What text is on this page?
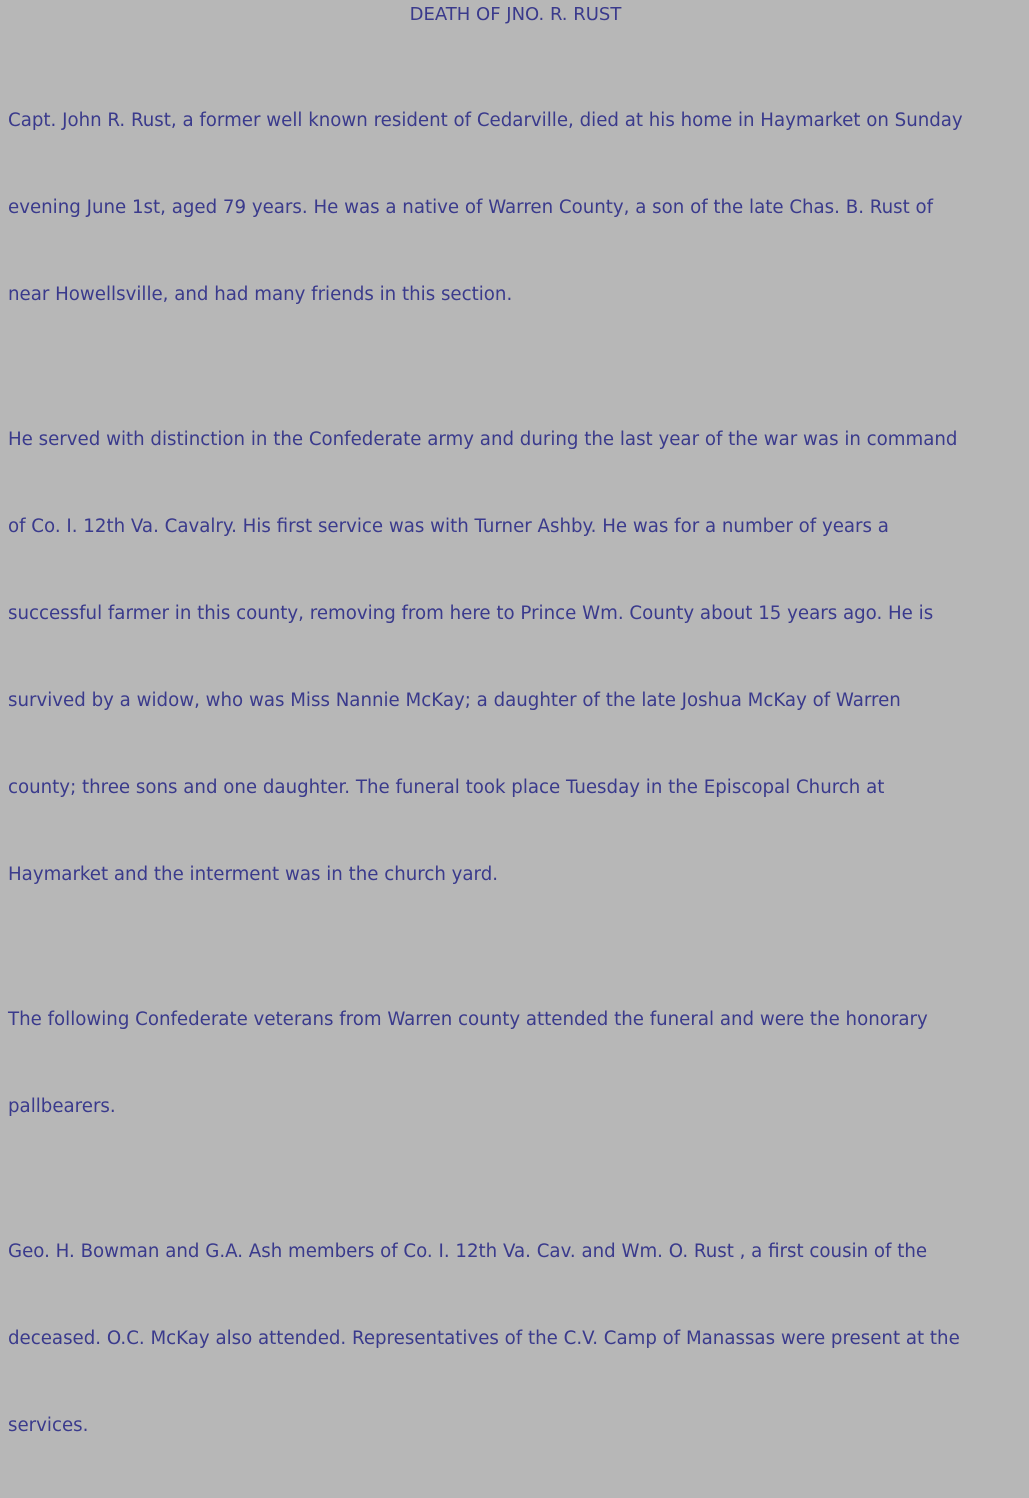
DEATH OF JNO. R. RUST

Capt. John R. Rust, a former well known resident of Cedarville, died at his home in Haymarket on Sunday

evening June 1st, aged 79 years. He was a native of Warren County, a son of the late Chas. B. Rust of

near Howellsville, and had many friends in this section.

He served with distinction in the Confederate army and during the last year of the war was in command

of Co. I. 12th Va. Cavalry. His first service was with Turner Ashby. He was for a number of years a

successful farmer in this county, removing from here to Prince Wm. County about 15 years ago. He is

survived by a widow, who was Miss Nannie McKay; a daughter of the late Joshua McKay of Warren

county; three sons and one daughter. The funeral took place Tuesday in the Episcopal Church at

Haymarket and the interment was in the church yard.

The following Confederate veterans from Warren county attended the funeral and were the honorary

pallbearers.

Geo. H. Bowman and G.A. Ash members of Co. I. 12th Va. Cav. and Wm. O. Rust , a first cousin of the

deceased. O.C. McKay also attended. Representatives of the C.V. Camp of Manassas were present at the

services.
